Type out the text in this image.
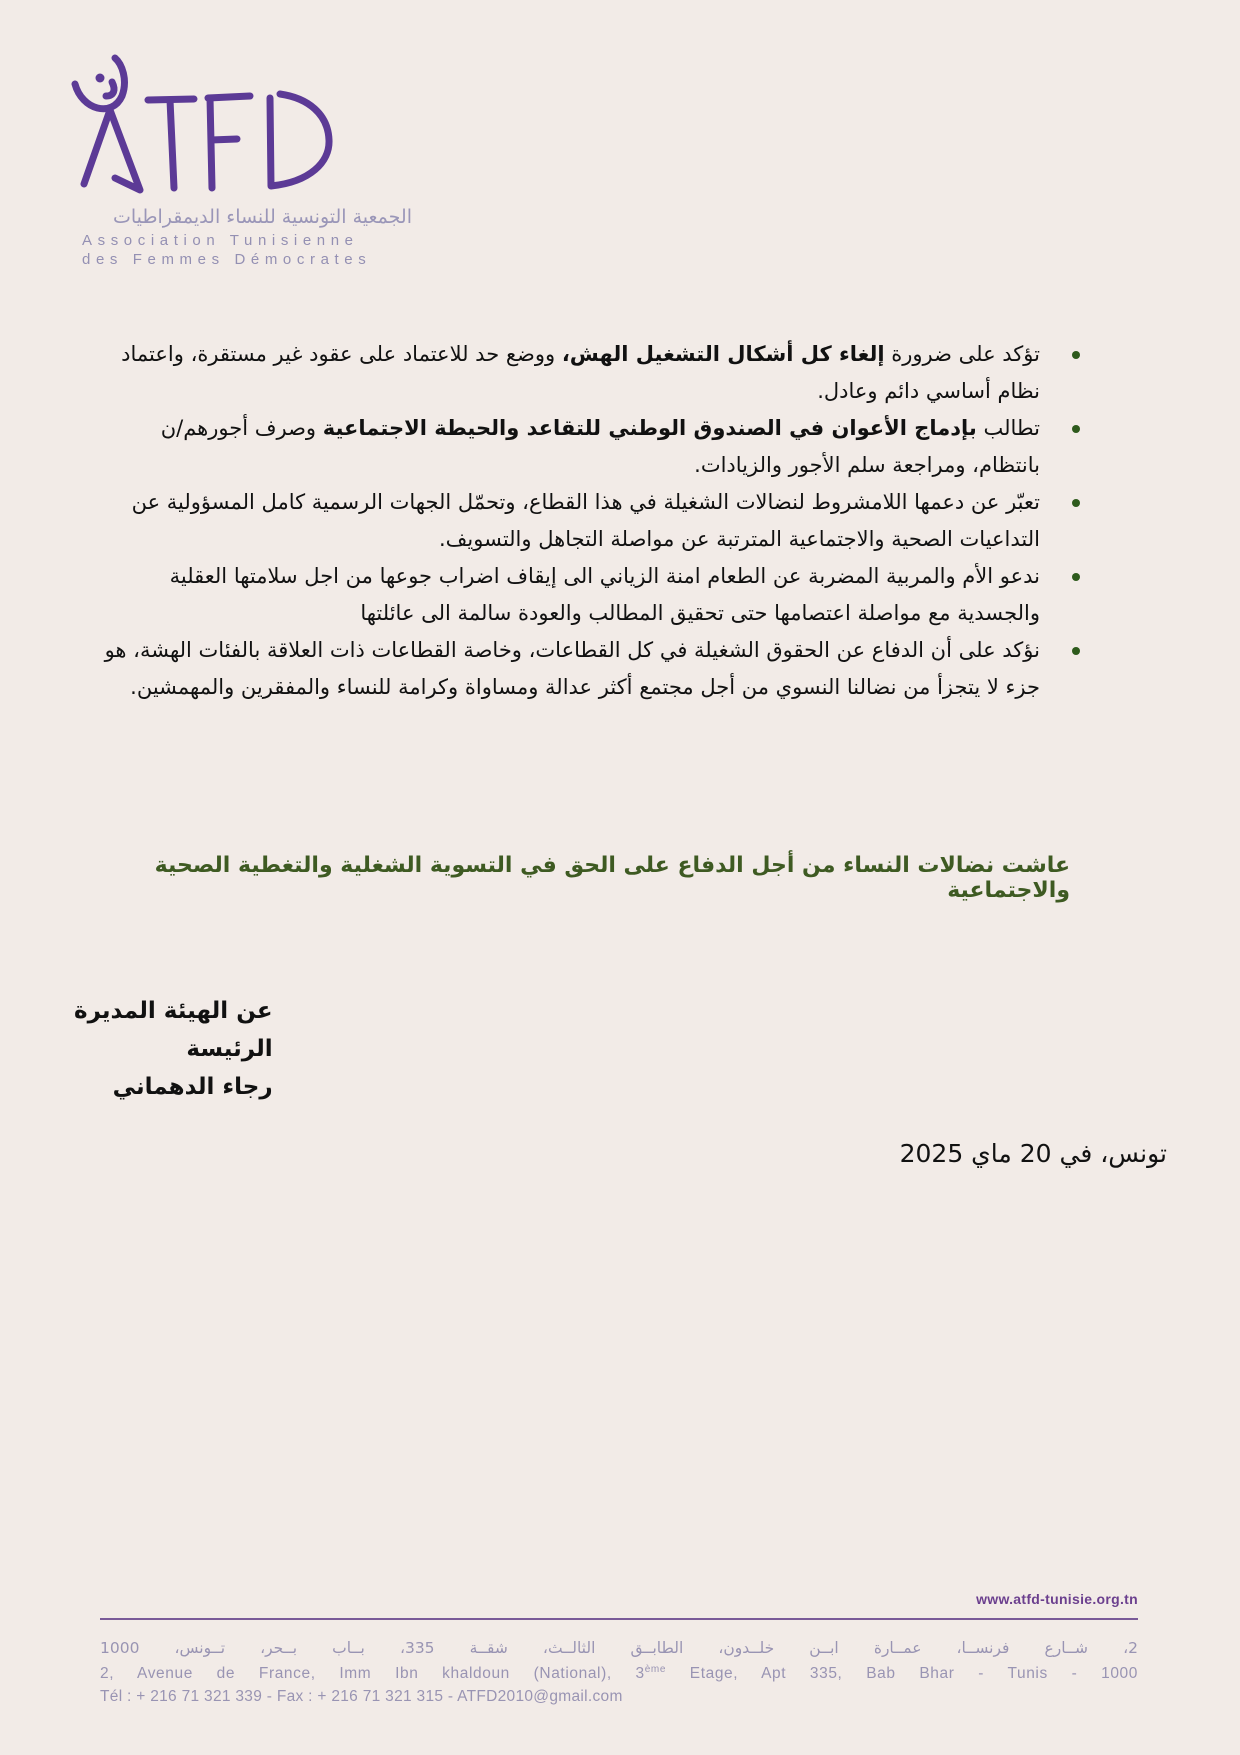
الجمعية التونسية للنساء الديمقراطيات
Association Tunisienne
des Femmes Démocrates
تؤكد على ضرورة إلغاء كل أشكال التشغيل الهش، ووضع حد للاعتماد على عقود غير مستقرة، واعتماد نظام أساسي دائم وعادل.
تطالب بإدماج الأعوان في الصندوق الوطني للتقاعد والحيطة الاجتماعية وصرف أجورهم/ن بانتظام، ومراجعة سلم الأجور والزيادات.
تعبّر عن دعمها اللامشروط لنضالات الشغيلة في هذا القطاع، وتحمّل الجهات الرسمية كامل المسؤولية عن التداعيات الصحية والاجتماعية المترتبة عن مواصلة التجاهل والتسويف.
ندعو الأم والمربية المضربة عن الطعام امنة الزياني الى إيقاف اضراب جوعها من اجل سلامتها العقلية والجسدية مع مواصلة اعتصامها حتى تحقيق المطالب والعودة سالمة الى عائلتها
نؤكد على أن الدفاع عن الحقوق الشغيلة في كل القطاعات، وخاصة القطاعات ذات العلاقة بالفئات الهشة، هو جزء لا يتجزأ من نضالنا النسوي من أجل مجتمع أكثر عدالة ومساواة وكرامة للنساء والمفقرين والمهمشين.
عاشت نضالات النساء من أجل الدفاع على الحق في التسوية الشغلية والتغطية الصحية والاجتماعية
عن الهيئة المديرة
الرئيسة
رجاء الدهماني
تونس، في 20 ماي 2025
www.atfd-tunisie.org.tn
2، شــارع فرنســا، عمــارة ابــن خلــدون، الطابــق الثالــث، شقــة 335، بــاب بــحر، تــونس، 1000
2, Avenue de France, Imm Ibn khaldoun (National), 3ème Etage, Apt 335, Bab Bhar - Tunis - 1000
Tél : + 216 71 321 339 - Fax : + 216 71 321 315 - ATFD2010@gmail.com
